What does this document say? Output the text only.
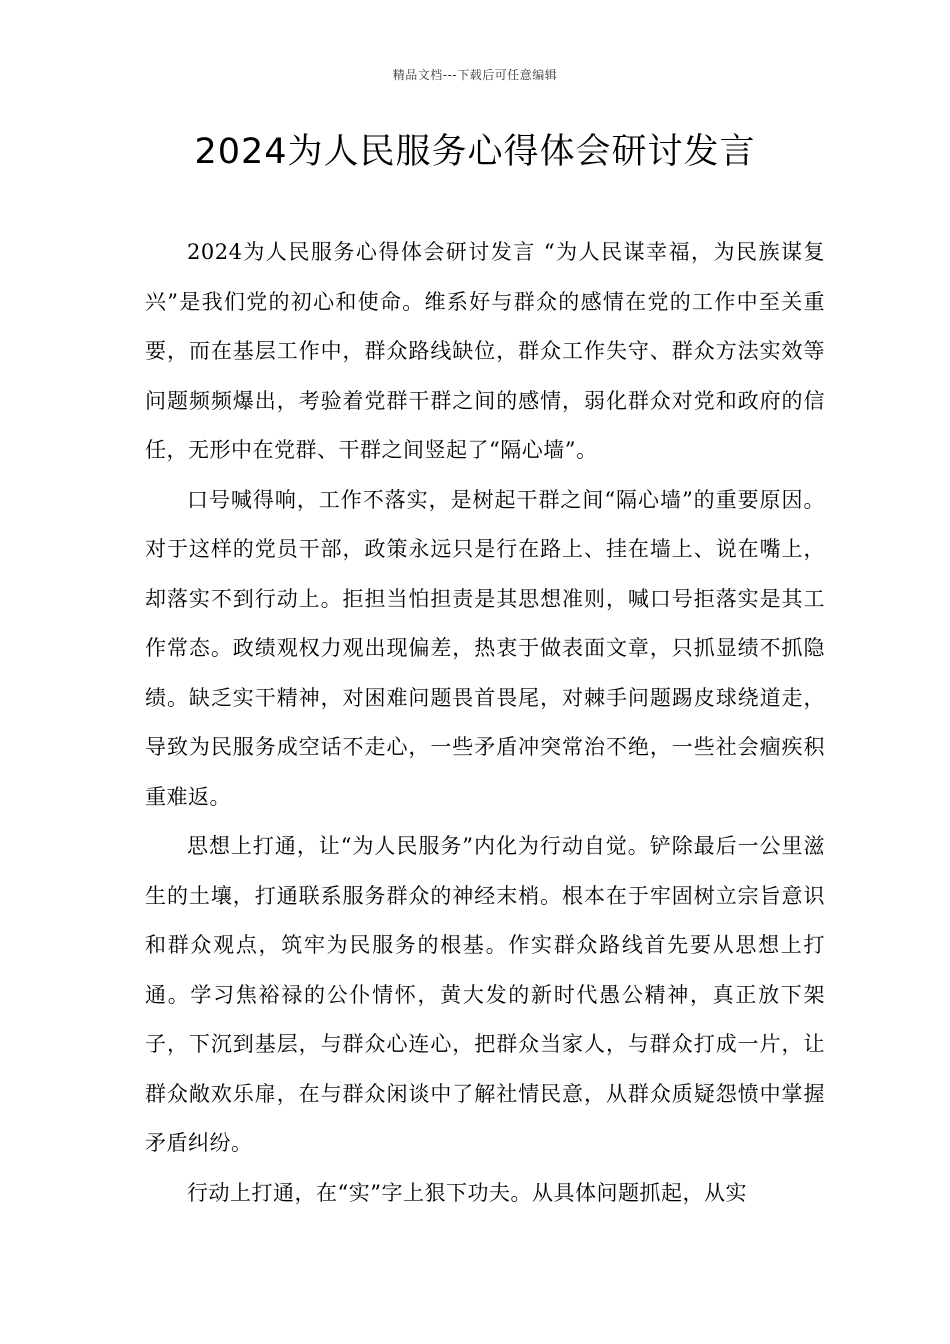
精品文档---下载后可任意编辑
2024为人民服务心得体会研讨发言

2024为人民服务心得体会研讨发言 “为人民谋幸福，为民族谋复兴”是我们党的初心和使命。维系好与群众的感情在党的工作中至关重要，而在基层工作中，群众路线缺位，群众工作失守、群众方法实效等问题频频爆出，考验着党群干群之间的感情，弱化群众对党和政府的信任，无形中在党群、干群之间竖起了“隔心墙”。

口号喊得响，工作不落实，是树起干群之间“隔心墙”的重要原因。对于这样的党员干部，政策永远只是行在路上、挂在墙上、说在嘴上，却落实不到行动上。拒担当怕担责是其思想准则，喊口号拒落实是其工作常态。政绩观权力观出现偏差，热衷于做表面文章，只抓显绩不抓隐绩。缺乏实干精神，对困难问题畏首畏尾，对棘手问题踢皮球绕道走，导致为民服务成空话不走心，一些矛盾冲突常治不绝，一些社会痼疾积重难返。

思想上打通，让“为人民服务”内化为行动自觉。铲除最后一公里滋生的土壤，打通联系服务群众的神经末梢。根本在于牢固树立宗旨意识和群众观点，筑牢为民服务的根基。作实群众路线首先要从思想上打通。学习焦裕禄的公仆情怀，黄大发的新时代愚公精神，真正放下架子，下沉到基层，与群众心连心，把群众当家人，与群众打成一片，让群众敞欢乐扉，在与群众闲谈中了解社情民意，从群众质疑怨愤中掌握矛盾纠纷。

行动上打通，在“实”字上狠下功夫。从具体问题抓起，从实
